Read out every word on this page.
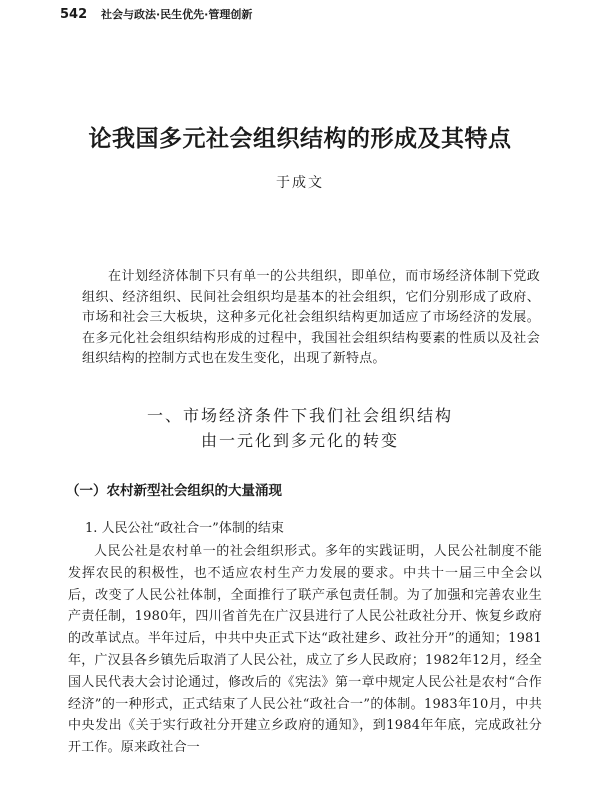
542 社会与政法·民生优先·管理创新
论我国多元社会组织结构的形成及其特点
于成文

在计划经济体制下只有单一的公共组织，即单位，而市场经济体制下党政组织、经济组织、民间社会组织均是基本的社会组织，它们分别形成了政府、市场和社会三大板块，这种多元化社会组织结构更加适应了市场经济的发展。在多元化社会组织结构形成的过程中，我国社会组织结构要素的性质以及社会组织结构的控制方式也在发生变化，出现了新特点。

一、市场经济条件下我们社会组织结构
由一元化到多元化的转变
（一）农村新型社会组织的大量涌现
1. 人民公社“政社合一”体制的结束

人民公社是农村单一的社会组织形式。多年的实践证明，人民公社制度不能发挥农民的积极性，也不适应农村生产力发展的要求。中共十一届三中全会以后，改变了人民公社体制，全面推行了联产承包责任制。为了加强和完善农业生产责任制，1980年，四川省首先在广汉县进行了人民公社政社分开、恢复乡政府的改革试点。半年过后，中共中央正式下达“政社建乡、政社分开”的通知；1981年，广汉县各乡镇先后取消了人民公社，成立了乡人民政府；1982年12月，经全国人民代表大会讨论通过，修改后的《宪法》第一章中规定人民公社是农村“合作经济”的一种形式，正式结束了人民公社“政社合一”的体制。1983年10月，中共中央发出《关于实行政社分开建立乡政府的通知》，到1984年年底，完成政社分开工作。原来政社合一
